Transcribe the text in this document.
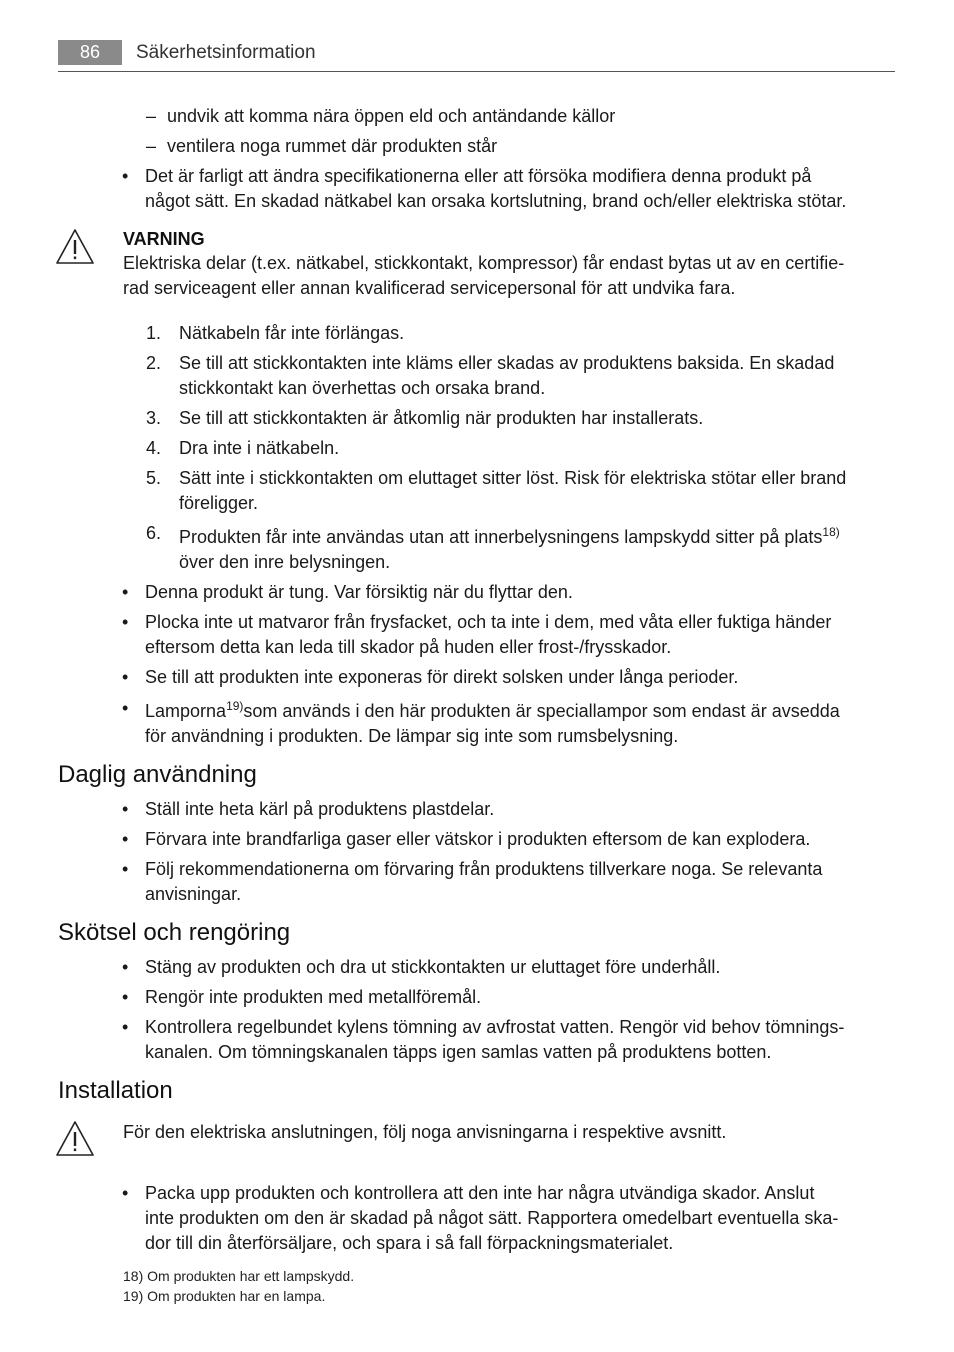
86	Säkerhetsinformation
– undvik att komma nära öppen eld och antändande källor
– ventilera noga rummet där produkten står
• Det är farligt att ändra specifikationerna eller att försöka modifiera denna produkt på
något sätt. En skadad nätkabel kan orsaka kortslutning, brand och/eller elektriska stötar.
VARNING
Elektriska delar (t.ex. nätkabel, stickkontakt, kompressor) får endast bytas ut av en certifie-
rad serviceagent eller annan kvalificerad servicepersonal för att undvika fara.
1. Nätkabeln får inte förlängas.
2. Se till att stickkontakten inte kläms eller skadas av produktens baksida. En skadad
stickkontakt kan överhettas och orsaka brand.
3. Se till att stickkontakten är åtkomlig när produkten har installerats.
4. Dra inte i nätkabeln.
5. Sätt inte i stickkontakten om eluttaget sitter löst. Risk för elektriska stötar eller brand
föreligger.
6. Produkten får inte användas utan att innerbelysningens lampskydd sitter på plats$^{18)}$
över den inre belysningen.
• Denna produkt är tung. Var försiktig när du flyttar den.
• Plocka inte ut matvaror från frysfacket, och ta inte i dem, med våta eller fuktiga händer
eftersom detta kan leda till skador på huden eller frost-/frysskador.
• Se till att produkten inte exponeras för direkt solsken under långa perioder.
• Lamporna$^{19)}$som används i den här produkten är speciallampor som endast är avsedda
för användning i produkten. De lämpar sig inte som rumsbelysning.
Daglig användning
• Ställ inte heta kärl på produktens plastdelar.
• Förvara inte brandfarliga gaser eller vätskor i produkten eftersom de kan explodera.
• Följ rekommendationerna om förvaring från produktens tillverkare noga. Se relevanta
anvisningar.
Skötsel och rengöring
• Stäng av produkten och dra ut stickkontakten ur eluttaget före underhåll.
• Rengör inte produkten med metallföremål.
• Kontrollera regelbundet kylens tömning av avfrostat vatten. Rengör vid behov tömnings-
kanalen. Om tömningskanalen täpps igen samlas vatten på produktens botten.
Installation
För den elektriska anslutningen, följ noga anvisningarna i respektive avsnitt.
• Packa upp produkten och kontrollera att den inte har några utvändiga skador. Anslut
inte produkten om den är skadad på något sätt. Rapportera omedelbart eventuella ska-
dor till din återförsäljare, och spara i så fall förpackningsmaterialet.
18) Om produkten har ett lampskydd.
19) Om produkten har en lampa.
